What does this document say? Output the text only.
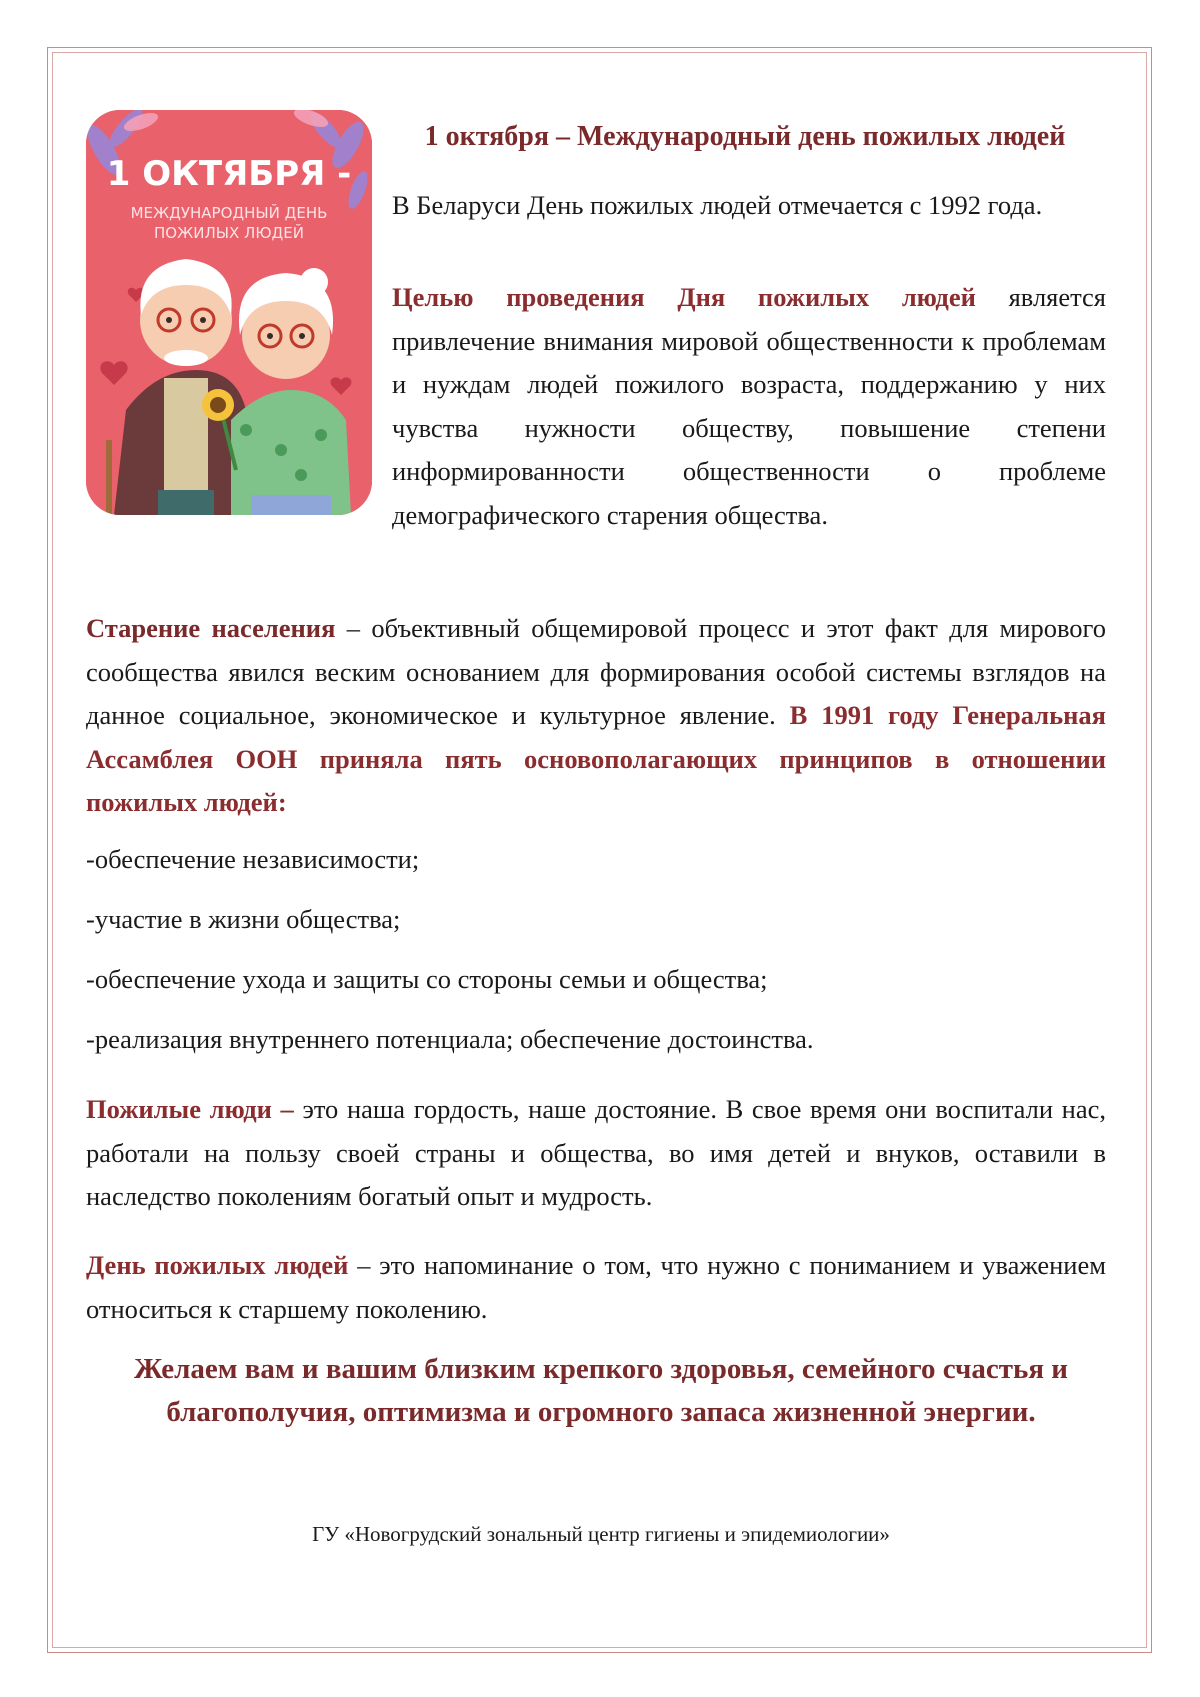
1 ОКТЯБРЯ -
МЕЖДУНАРОДНЫЙ ДЕНЬ
ПОЖИЛЫХ ЛЮДЕЙ
1 октября – Международный день пожилых людей

В Беларуси День пожилых людей отмечается с 1992 года.

Целью проведения Дня пожилых людей является привлечение внимания мировой общественности к проблемам и нуждам людей пожилого возраста, поддержанию у них чувства нужности обществу, повышение степени информированности общественности о проблеме демографического старения общества.

Старение населения – объективный общемировой процесс и этот факт для мирового сообщества явился веским основанием для формирования особой системы взглядов на данное социальное, экономическое и культурное явление. В 1991 году Генеральная Ассамблея ООН приняла пять основополагающих принципов в отношении пожилых людей:

-обеспечение независимости;

-участие в жизни общества;

-обеспечение ухода и защиты со стороны семьи и общества;

-реализация внутреннего потенциала; обеспечение достоинства.

Пожилые люди – это наша гордость, наше достояние. В свое время они воспитали нас, работали на пользу своей страны и общества, во имя детей и внуков, оставили в наследство поколениям богатый опыт и мудрость.

День пожилых людей – это напоминание о том, что нужно с пониманием и уважением относиться к старшему поколению.

Желаем вам и вашим близким крепкого здоровья, семейного счастья и благополучия, оптимизма и огромного запаса жизненной энергии.

ГУ «Новогрудский зональный центр гигиены и эпидемиологии»
